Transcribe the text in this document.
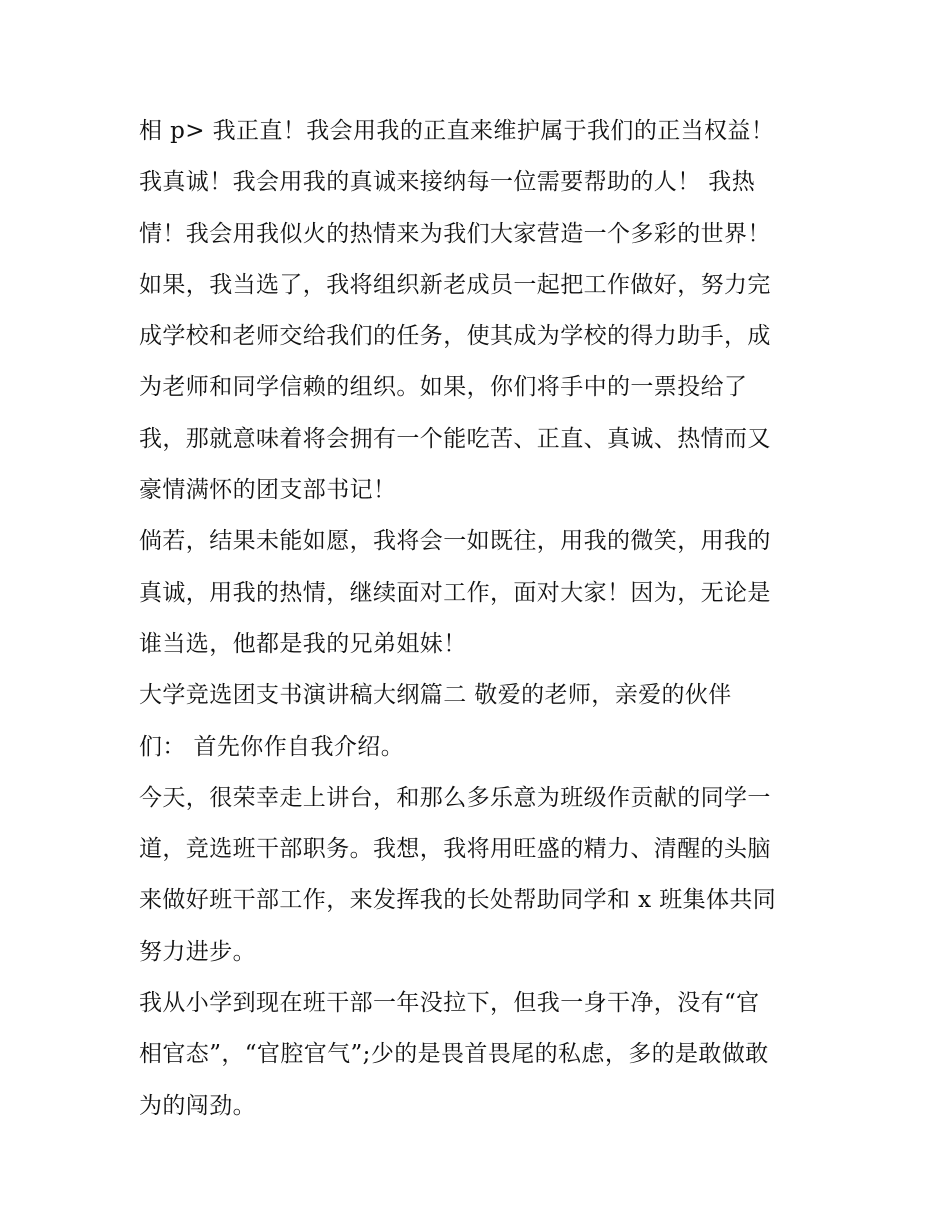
相 p> 我正直！我会用我的正直来维护属于我们的正当权益！
我真诚！我会用我的真诚来接纳每一位需要帮助的人！ 我热
情！我会用我似火的热情来为我们大家营造一个多彩的世界！
如果，我当选了，我将组织新老成员一起把工作做好，努力完
成学校和老师交给我们的任务，使其成为学校的得力助手，成
为老师和同学信赖的组织。如果，你们将手中的一票投给了
我，那就意味着将会拥有一个能吃苦、正直、真诚、热情而又
豪情满怀的团支部书记！
倘若，结果未能如愿，我将会一如既往，用我的微笑，用我的
真诚，用我的热情，继续面对工作，面对大家！因为，无论是
谁当选，他都是我的兄弟姐妹！
大学竞选团支书演讲稿大纲篇二 敬爱的老师，亲爱的伙伴
们： 首先你作自我介绍。
今天，很荣幸走上讲台，和那么多乐意为班级作贡献的同学一
道，竞选班干部职务。我想，我将用旺盛的精力、清醒的头脑
来做好班干部工作，来发挥我的长处帮助同学和 x 班集体共同
努力进步。
我从小学到现在班干部一年没拉下，但我一身干净，没有“官
相官态”，“官腔官气”;少的是畏首畏尾的私虑，多的是敢做敢
为的闯劲。
